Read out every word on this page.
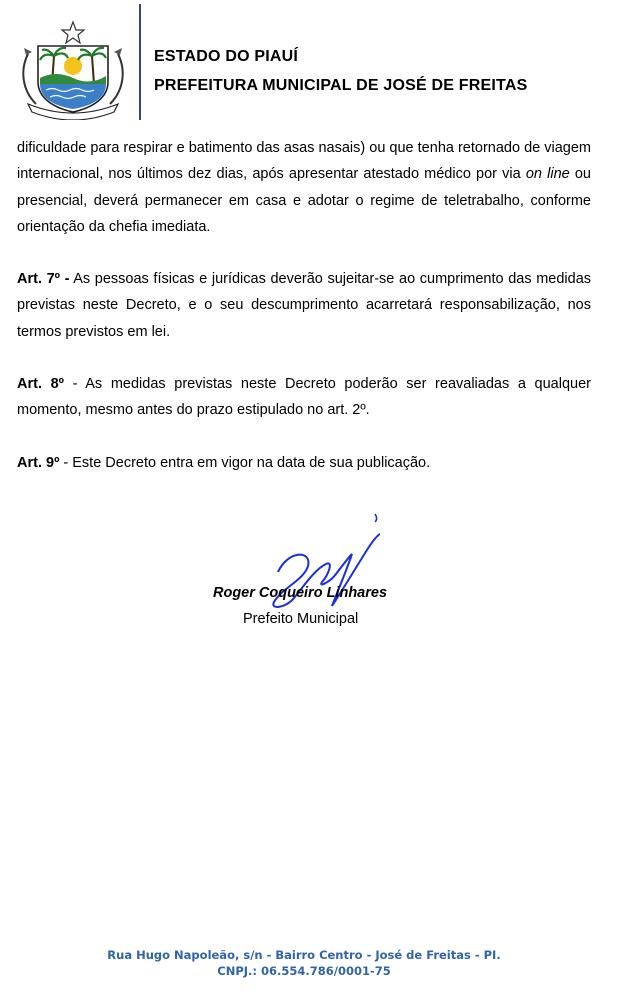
ESTADO DO PIAUÍ
PREFEITURA MUNICIPAL DE JOSÉ DE FREITAS

dificuldade para respirar e batimento das asas nasais) ou que tenha retornado de viagem internacional, nos últimos dez dias, após apresentar atestado médico por via on line ou presencial, deverá permanecer em casa e adotar o regime de teletrabalho, conforme orientação da chefia imediata.

Art. 7º - As pessoas físicas e jurídicas deverão sujeitar-se ao cumprimento das medidas previstas neste Decreto, e o seu descumprimento acarretará responsabilização, nos termos previstos em lei.

Art. 8º - As medidas previstas neste Decreto poderão ser reavaliadas a qualquer momento, mesmo antes do prazo estipulado no art. 2º.

Art. 9º - Este Decreto entra em vigor na data de sua publicação.

Roger Coqueiro Linhares
Prefeito Municipal
Rua Hugo Napoleão, s/n - Bairro Centro - José de Freitas - PI.
CNPJ.: 06.554.786/0001-75
